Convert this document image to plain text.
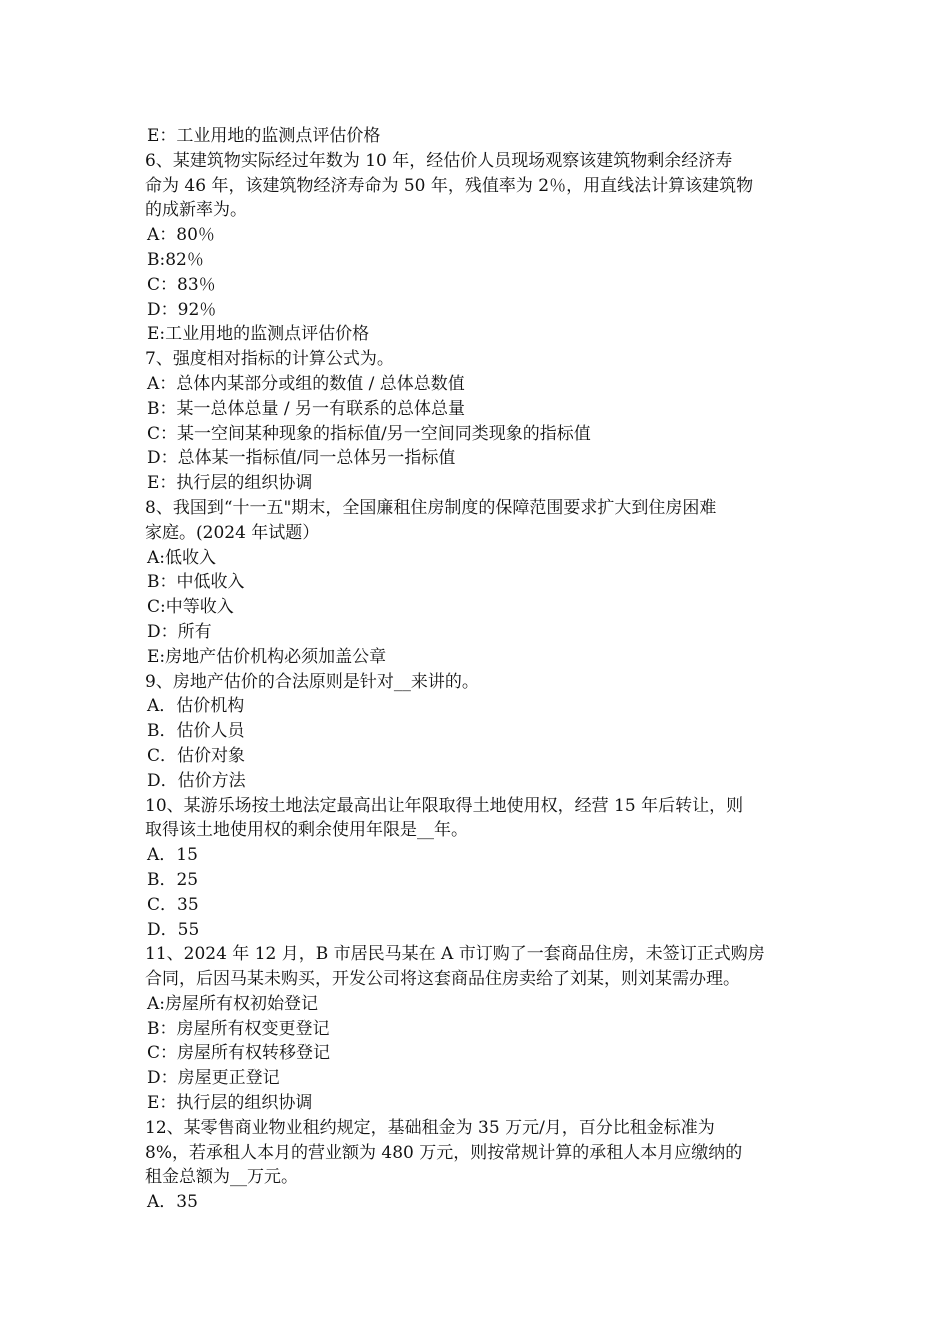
E：工业用地的监测点评估价格
6、某建筑物实际经过年数为 10 年，经估价人员现场观察该建筑物剩余经济寿
命为 46 年，该建筑物经济寿命为 50 年，残值率为 2％，用直线法计算该建筑物
的成新率为。
A：80％
B:82％
C：83％
D：92％
E:工业用地的监测点评估价格
7、强度相对指标的计算公式为。
A：总体内某部分或组的数值 / 总体总数值
B：某一总体总量 / 另一有联系的总体总量
C：某一空间某种现象的指标值/另一空间同类现象的指标值
D：总体某一指标值/同一总体另一指标值
E：执行层的组织协调
8、我国到“十一五"期末，全国廉租住房制度的保障范围要求扩大到住房困难
家庭。(2024 年试题）
A:低收入
B：中低收入
C:中等收入
D：所有
E:房地产估价机构必须加盖公章
9、房地产估价的合法原则是针对__来讲的。
A．估价机构
B．估价人员
C．估价对象
D．估价方法
10、某游乐场按土地法定最高出让年限取得土地使用权，经营 15 年后转让，则
取得该土地使用权的剩余使用年限是__年。
A．15
B．25
C．35
D．55
11、2024 年 12 月，B 市居民马某在 A 市订购了一套商品住房，未签订正式购房
合同，后因马某未购买，开发公司将这套商品住房卖给了刘某，则刘某需办理。
A:房屋所有权初始登记
B：房屋所有权变更登记
C：房屋所有权转移登记
D：房屋更正登记
E：执行层的组织协调
12、某零售商业物业租约规定，基础租金为 35 万元/月，百分比租金标准为
8%，若承租人本月的营业额为 480 万元，则按常规计算的承租人本月应缴纳的
租金总额为__万元。
A．35
